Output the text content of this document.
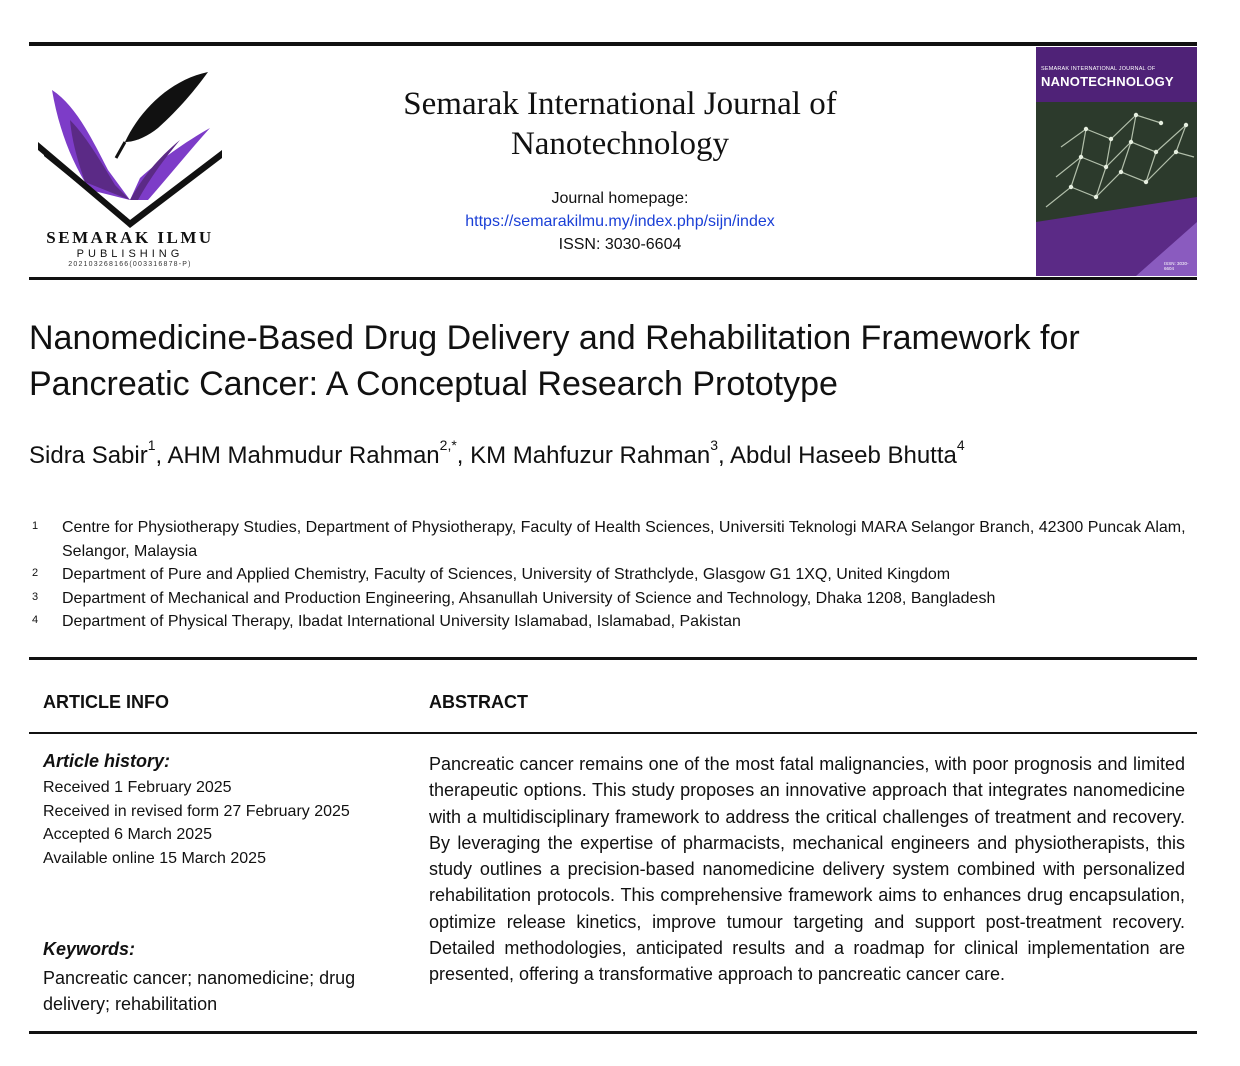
SEMARAK ILMU
PUBLISHING
202103268166(003316878-P)
Semarak International Journal of
Nanotechnology
Journal homepage:
https://semarakilmu.my/index.php/sijn/index
ISSN: 3030-6604
SEMARAK INTERNATIONAL JOURNAL OF
NANOTECHNOLOGY
ISSN: 3030-6604
Nanomedicine-Based Drug Delivery and Rehabilitation Framework for
Pancreatic Cancer: A Conceptual Research Prototype
Sidra Sabir$^1$, AHM Mahmudur Rahman$^{2,*}$, KM Mahfuzur Rahman$^3$, Abdul Haseeb Bhutta$^4$
1 Centre for Physiotherapy Studies, Department of Physiotherapy, Faculty of Health Sciences, Universiti Teknologi MARA Selangor Branch, 42300 Puncak Alam, Selangor, Malaysia
2 Department of Pure and Applied Chemistry, Faculty of Sciences, University of Strathclyde, Glasgow G1 1XQ, United Kingdom
3 Department of Mechanical and Production Engineering, Ahsanullah University of Science and Technology, Dhaka 1208, Bangladesh
4 Department of Physical Therapy, Ibadat International University Islamabad, Islamabad, Pakistan
ARTICLE INFO	ABSTRACT
Article history:
Received 1 February 2025
Received in revised form 27 February 2025
Accepted 6 March 2025
Available online 15 March 2025
Keywords:
Pancreatic cancer; nanomedicine; drug delivery; rehabilitation
Pancreatic cancer remains one of the most fatal malignancies, with poor prognosis and limited therapeutic options. This study proposes an innovative approach that integrates nanomedicine with a multidisciplinary framework to address the critical challenges of treatment and recovery. By leveraging the expertise of pharmacists, mechanical engineers and physiotherapists, this study outlines a precision-based nanomedicine delivery system combined with personalized rehabilitation protocols. This comprehensive framework aims to enhances drug encapsulation, optimize release kinetics, improve tumour targeting and support post-treatment recovery. Detailed methodologies, anticipated results and a roadmap for clinical implementation are presented, offering a transformative approach to pancreatic cancer care.
